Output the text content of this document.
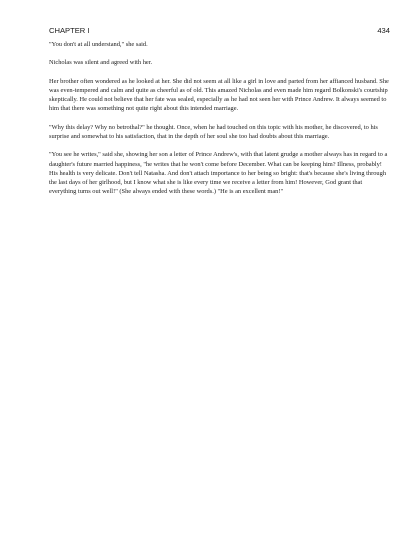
CHAPTER I	434

"You don't at all understand," she said.

Nicholas was silent and agreed with her.

Her brother often wondered as he looked at her. She did not seem at all like a girl in love and parted from her affianced husband. She was even-tempered and calm and quite as cheerful as of old. This amazed Nicholas and even made him regard Bolkonski's courtship skeptically. He could not believe that her fate was sealed, especially as he had not seen her with Prince Andrew. It always seemed to him that there was something not quite right about this intended marriage.

"Why this delay? Why no betrothal?" he thought. Once, when he had touched on this topic with his mother, he discovered, to his surprise and somewhat to his satisfaction, that in the depth of her soul she too had doubts about this marriage.

"You see he writes," said she, showing her son a letter of Prince Andrew's, with that latent grudge a mother always has in regard to a daughter's future married happiness, "he writes that he won't come before December. What can be keeping him? Illness, probably! His health is very delicate. Don't tell Natasha. And don't attach importance to her being so bright: that's because she's living through the last days of her girlhood, but I know what she is like every time we receive a letter from him! However, God grant that everything turns out well!" (She always ended with these words.) "He is an excellent man!"
